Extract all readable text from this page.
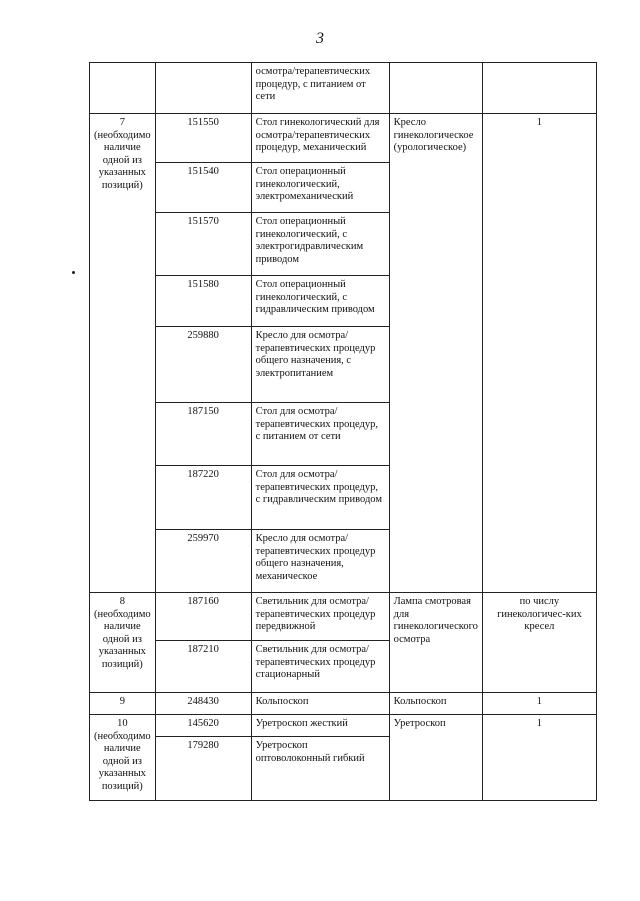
3
		осмотра/терапевтических процедур, с питанием от сети		
7 (необходимо наличие одной из указанных позиций)	151550	Стол гинекологический для осмотра/терапевтических процедур, механический	Кресло гинекологическое (урологическое)	1
	151540	Стол операционный гинекологический, электромеханический		
	151570	Стол операционный гинекологический, с электрогидравлическим приводом		
	151580	Стол операционный гинекологический, с гидравлическим приводом		
	259880	Кресло для осмотра/терапевтических процедур общего назначения, с электропитанием		
	187150	Стол для осмотра/терапевтических процедур, с питанием от сети		
	187220	Стол для осмотра/терапевтических процедур, с гидравлическим приводом		
	259970	Кресло для осмотра/терапевтических процедур общего назначения, механическое		
8 (необходимо наличие одной из указанных позиций)	187160	Светильник для осмотра/терапевтических процедур передвижной	Лампа смотровая для гинекологического осмотра	по числу гинекологичес-ких кресел
	187210	Светильник для осмотра/терапевтических процедур стационарный		
9	248430	Кольпоскоп	Кольпоскоп	1
10 (необходимо наличие одной из указанных позиций)	145620	Уретроскоп жесткий	Уретроскоп	1
	179280	Уретроскоп оптоволоконный гибкий		
